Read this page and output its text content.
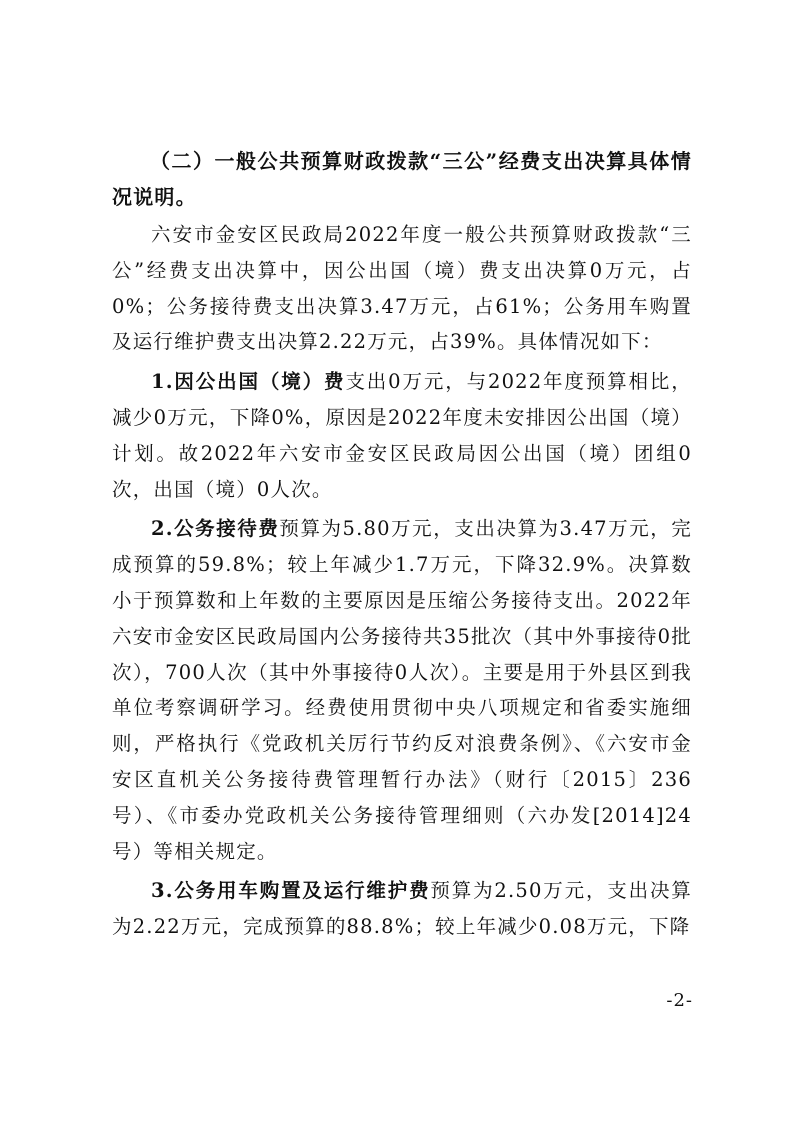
（二）一般公共预算财政拨款“三公”经费支出决算具体情况说明。

六安市金安区民政局2022年度一般公共预算财政拨款“三公”经费支出决算中，因公出国（境）费支出决算0万元，占0%；公务接待费支出决算3.47万元，占61%；公务用车购置及运行维护费支出决算2.22万元，占39%。具体情况如下：

1.因公出国（境）费支出0万元，与2022年度预算相比，减少0万元，下降0%，原因是2022年度未安排因公出国（境）计划。故2022年六安市金安区民政局因公出国（境）团组0次，出国（境）0人次。

2.公务接待费预算为5.80万元，支出决算为3.47万元，完成预算的59.8%；较上年减少1.7万元，下降32.9%。决算数小于预算数和上年数的主要原因是压缩公务接待支出。2022年六安市金安区民政局国内公务接待共35批次（其中外事接待0批次），700人次（其中外事接待0人次）。主要是用于外县区到我单位考察调研学习。经费使用贯彻中央八项规定和省委实施细则，严格执行《党政机关厉行节约反对浪费条例》、《六安市金安区直机关公务接待费管理暂行办法》（财行〔2015〕236号）、《市委办党政机关公务接待管理细则（六办发[2014]24号）等相关规定。

3.公务用车购置及运行维护费预算为2.50万元，支出决算为2.22万元，完成预算的88.8%；较上年减少0.08万元，下降

-2-
